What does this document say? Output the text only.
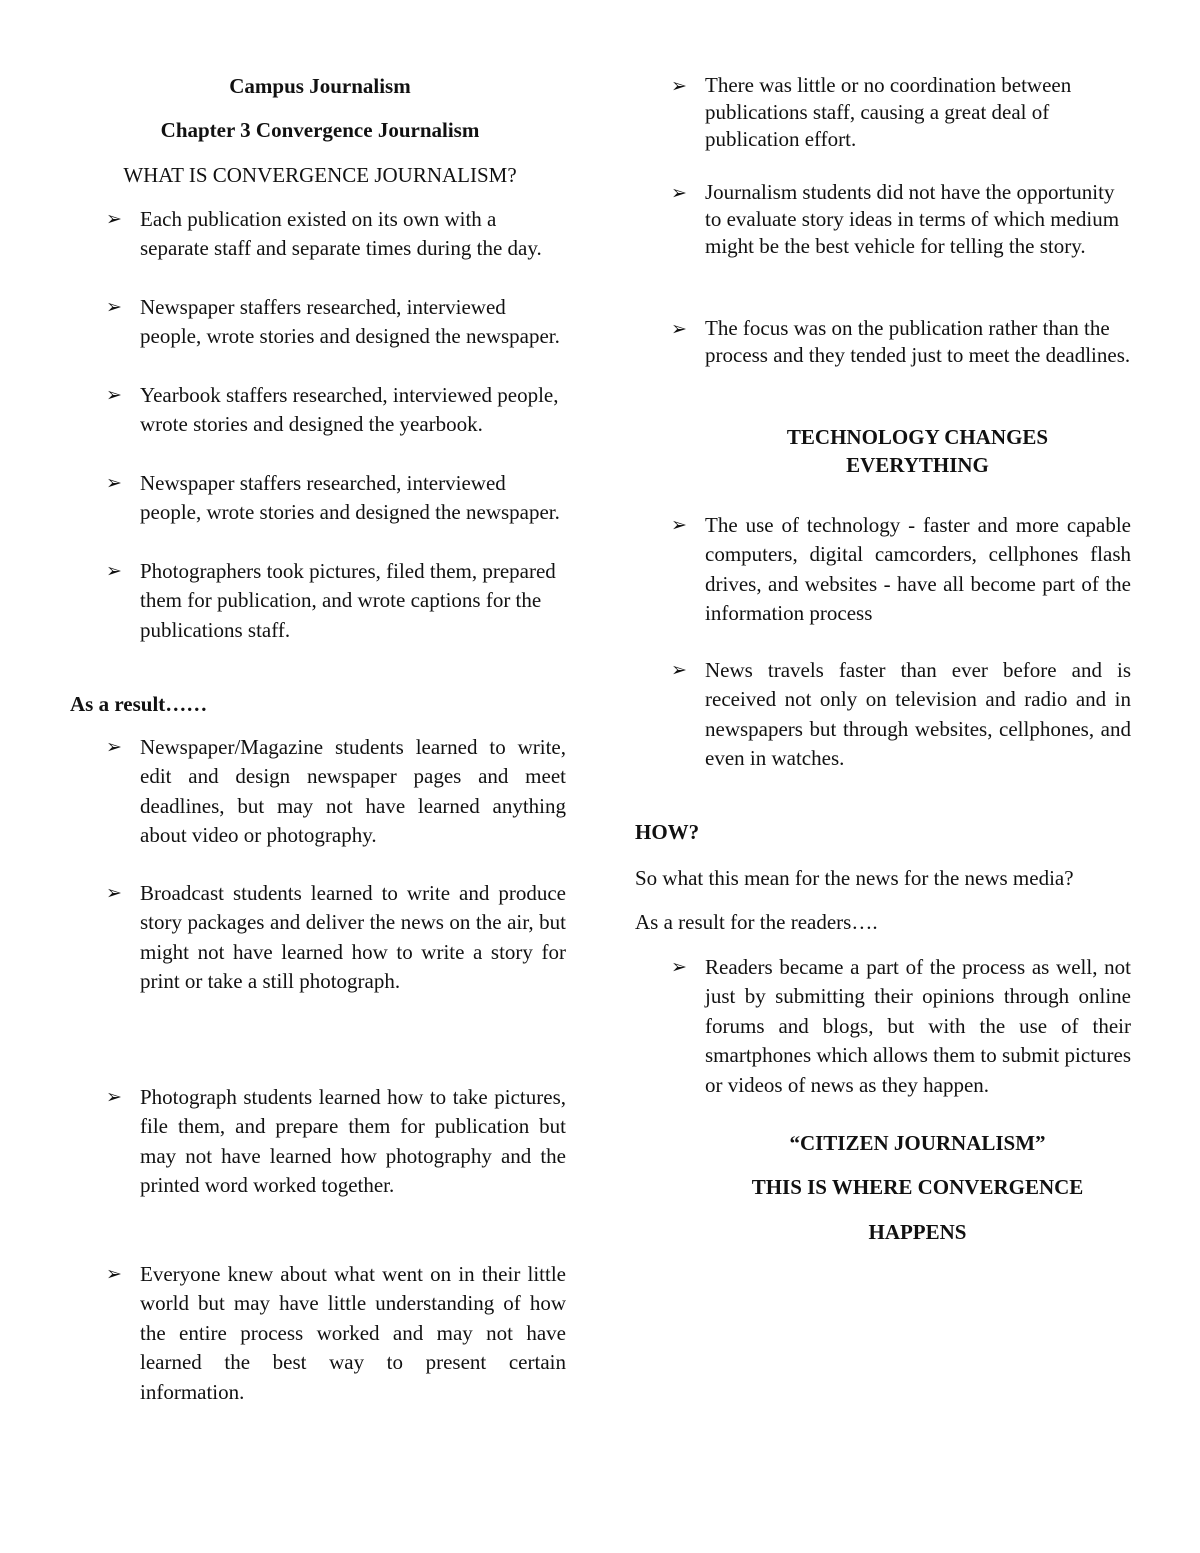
Campus Journalism

Chapter 3 Convergence Journalism

WHAT IS CONVERGENCE JOURNALISM?

➢ Each publication existed on its own with a separate staff and separate times during the day.

➢ Newspaper staffers researched, interviewed people, wrote stories and designed the newspaper.

➢ Yearbook staffers researched, interviewed people, wrote stories and designed the yearbook.

➢ Newspaper staffers researched, interviewed people, wrote stories and designed the newspaper.

➢ Photographers took pictures, filed them, prepared them for publication, and wrote captions for the publications staff.

As a result……

➢ Newspaper/Magazine students learned to write, edit and design newspaper pages and meet deadlines, but may not have learned anything about video or photography.

➢ Broadcast students learned to write and produce story packages and deliver the news on the air, but might not have learned how to write a story for print or take a still photograph.

➢ Photograph students learned how to take pictures, file them, and prepare them for publication but may not have learned how photography and the printed word worked together.

➢ Everyone knew about what went on in their little world but may have little understanding of how the entire process worked and may not have learned the best way to present certain information.

➢ There was little or no coordination between publications staff, causing a great deal of publication effort.

➢ Journalism students did not have the opportunity to evaluate story ideas in terms of which medium might be the best vehicle for telling the story.

➢ The focus was on the publication rather than the process and they tended just to meet the deadlines.

TECHNOLOGY CHANGES

EVERYTHING

➢ The use of technology - faster and more capable computers, digital camcorders, cellphones flash drives, and websites - have all become part of the information process

➢ News travels faster than ever before and is received not only on television and radio and in newspapers but through websites, cellphones, and even in watches.

HOW?

So what this mean for the news for the news media?

As a result for the readers….

➢ Readers became a part of the process as well, not just by submitting their opinions through online forums and blogs, but with the use of their smartphones which allows them to submit pictures or videos of news as they happen.

“CITIZEN JOURNALISM”

THIS IS WHERE CONVERGENCE

HAPPENS
